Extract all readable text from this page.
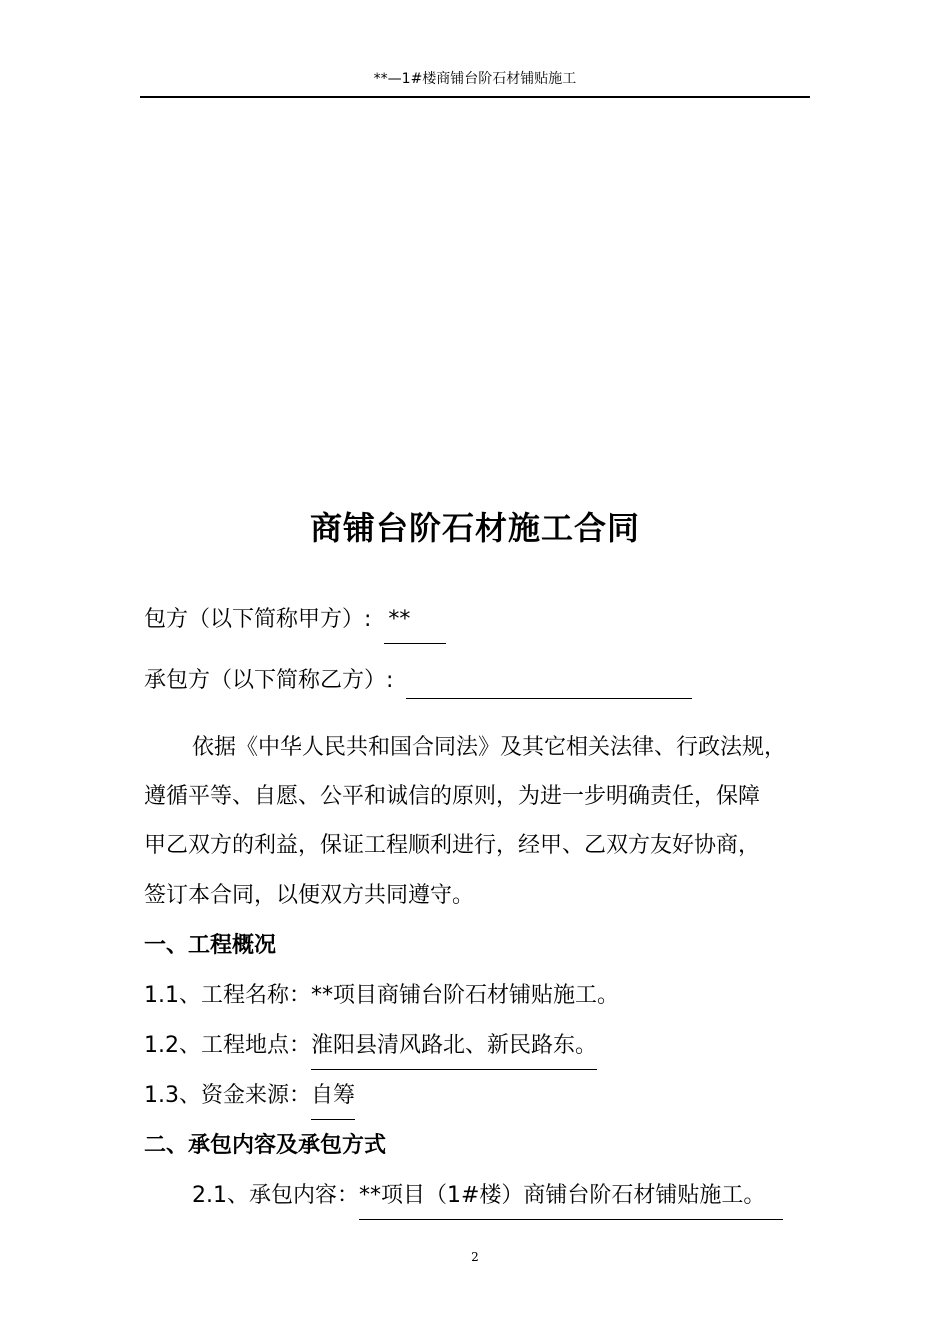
**—1#楼商铺台阶石材铺贴施工
商铺台阶石材施工合同
包方（以下简称甲方）: **
承包方（以下简称乙方）:
依据《中华人民共和国合同法》及其它相关法律、行政法规，
遵循平等、自愿、公平和诚信的原则，为进一步明确责任，保障
甲乙双方的利益，保证工程顺利进行，经甲、乙双方友好协商，
签订本合同，以便双方共同遵守。
一、工程概况
1.1、工程名称：**项目商铺台阶石材铺贴施工。
1.2、工程地点：淮阳县清风路北、新民路东。
1.3、资金来源：自筹
二、承包内容及承包方式
2.1、承包内容：**项目（1#楼）商铺台阶石材铺贴施工。
2
